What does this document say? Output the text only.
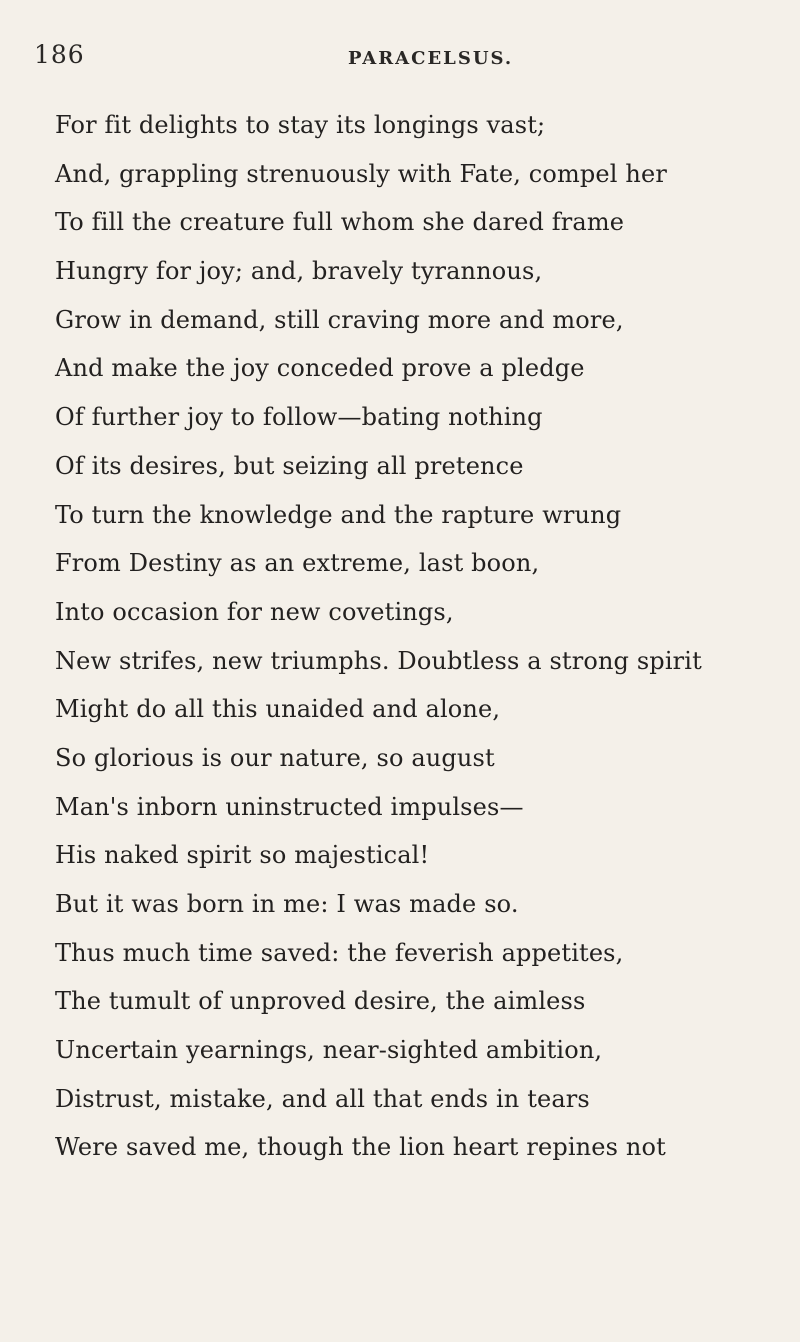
186	PARACELSUS.
For fit delights to stay its longings vast;
And, grappling strenuously with Fate, compel her
To fill the creature full whom she dared frame
Hungry for joy; and, bravely tyrannous,
Grow in demand, still craving more and more,
And make the joy conceded prove a pledge
Of further joy to follow—bating nothing
Of its desires, but seizing all pretence
To turn the knowledge and the rapture wrung
From Destiny as an extreme, last boon,
Into occasion for new covetings,
New strifes, new triumphs. Doubtless a strong spirit
Might do all this unaided and alone,
So glorious is our nature, so august
Man's inborn uninstructed impulses—
His naked spirit so majestical!
But it was born in me: I was made so.
Thus much time saved: the feverish appetites,
The tumult of unproved desire, the aimless
Uncertain yearnings, near-sighted ambition,
Distrust, mistake, and all that ends in tears
Were saved me, though the lion heart repines not
